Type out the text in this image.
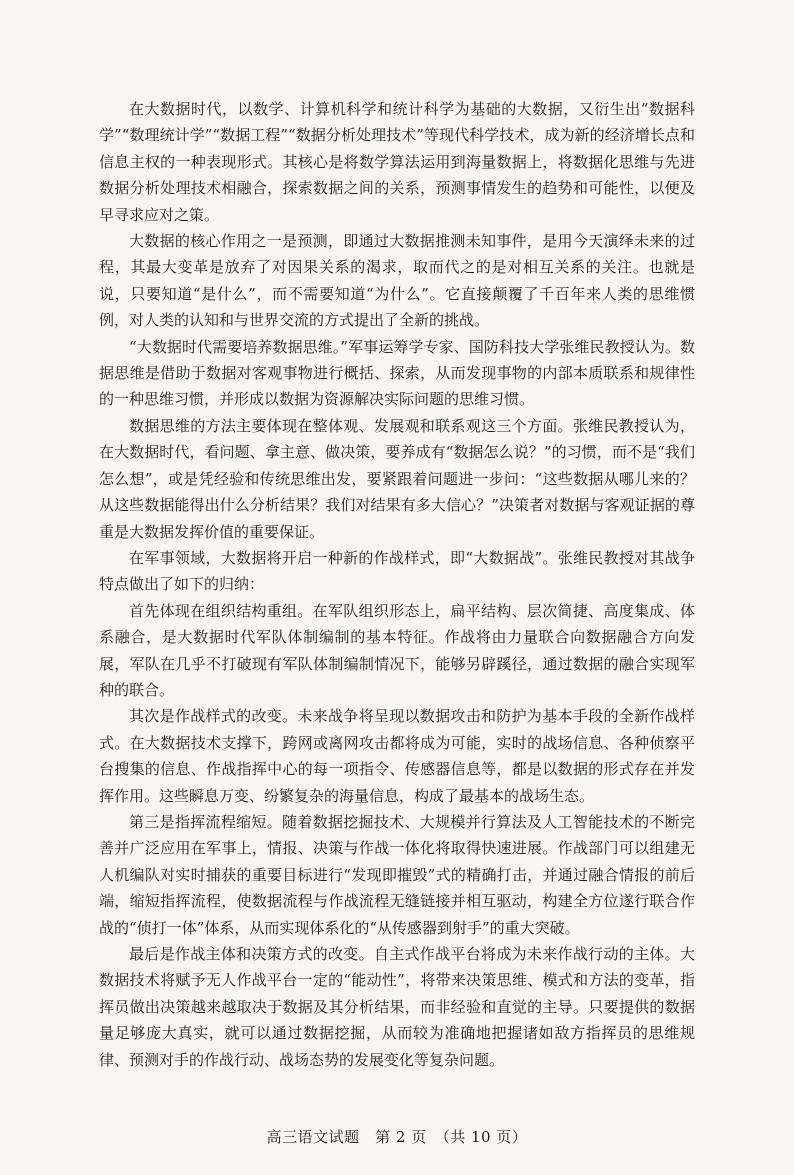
在大数据时代，以数学、计算机科学和统计科学为基础的大数据，又衍生出“数据科学”“数理统计学”“数据工程”“数据分析处理技术”等现代科学技术，成为新的经济增长点和信息主权的一种表现形式。其核心是将数学算法运用到海量数据上，将数据化思维与先进数据分析处理技术相融合，探索数据之间的关系，预测事情发生的趋势和可能性，以便及早寻求应对之策。

大数据的核心作用之一是预测，即通过大数据推测未知事件，是用今天演绎未来的过程，其最大变革是放弃了对因果关系的渴求，取而代之的是对相互关系的关注。也就是说，只要知道“是什么”，而不需要知道“为什么”。它直接颠覆了千百年来人类的思维惯例，对人类的认知和与世界交流的方式提出了全新的挑战。

“大数据时代需要培养数据思维。”军事运筹学专家、国防科技大学张维民教授认为。数据思维是借助于数据对客观事物进行概括、探索，从而发现事物的内部本质联系和规律性的一种思维习惯，并形成以数据为资源解决实际问题的思维习惯。

数据思维的方法主要体现在整体观、发展观和联系观这三个方面。张维民教授认为，在大数据时代，看问题、拿主意、做决策，要养成有“数据怎么说？”的习惯，而不是“我们怎么想”，或是凭经验和传统思维出发，要紧跟着问题进一步问：“这些数据从哪儿来的？从这些数据能得出什么分析结果？我们对结果有多大信心？”决策者对数据与客观证据的尊重是大数据发挥价值的重要保证。

在军事领域，大数据将开启一种新的作战样式，即“大数据战”。张维民教授对其战争特点做出了如下的归纳：

首先体现在组织结构重组。在军队组织形态上，扁平结构、层次简捷、高度集成、体系融合，是大数据时代军队体制编制的基本特征。作战将由力量联合向数据融合方向发展，军队在几乎不打破现有军队体制编制情况下，能够另辟蹊径，通过数据的融合实现军种的联合。

其次是作战样式的改变。未来战争将呈现以数据攻击和防护为基本手段的全新作战样式。在大数据技术支撑下，跨网或离网攻击都将成为可能，实时的战场信息、各种侦察平台搜集的信息、作战指挥中心的每一项指令、传感器信息等，都是以数据的形式存在并发挥作用。这些瞬息万变、纷繁复杂的海量信息，构成了最基本的战场生态。

第三是指挥流程缩短。随着数据挖掘技术、大规模并行算法及人工智能技术的不断完善并广泛应用在军事上，情报、决策与作战一体化将取得快速进展。作战部门可以组建无人机编队对实时捕获的重要目标进行“发现即摧毁”式的精确打击，并通过融合情报的前后端，缩短指挥流程，使数据流程与作战流程无缝链接并相互驱动，构建全方位遂行联合作战的“侦打一体”体系，从而实现体系化的“从传感器到射手”的重大突破。

最后是作战主体和决策方式的改变。自主式作战平台将成为未来作战行动的主体。大数据技术将赋予无人作战平台一定的“能动性”，将带来决策思维、模式和方法的变革，指挥员做出决策越来越取决于数据及其分析结果，而非经验和直觉的主导。只要提供的数据量足够庞大真实，就可以通过数据挖掘，从而较为准确地把握诸如敌方指挥员的思维规律、预测对手的作战行动、战场态势的发展变化等复杂问题。

高三语文试题　第 2 页　（共 10 页）
